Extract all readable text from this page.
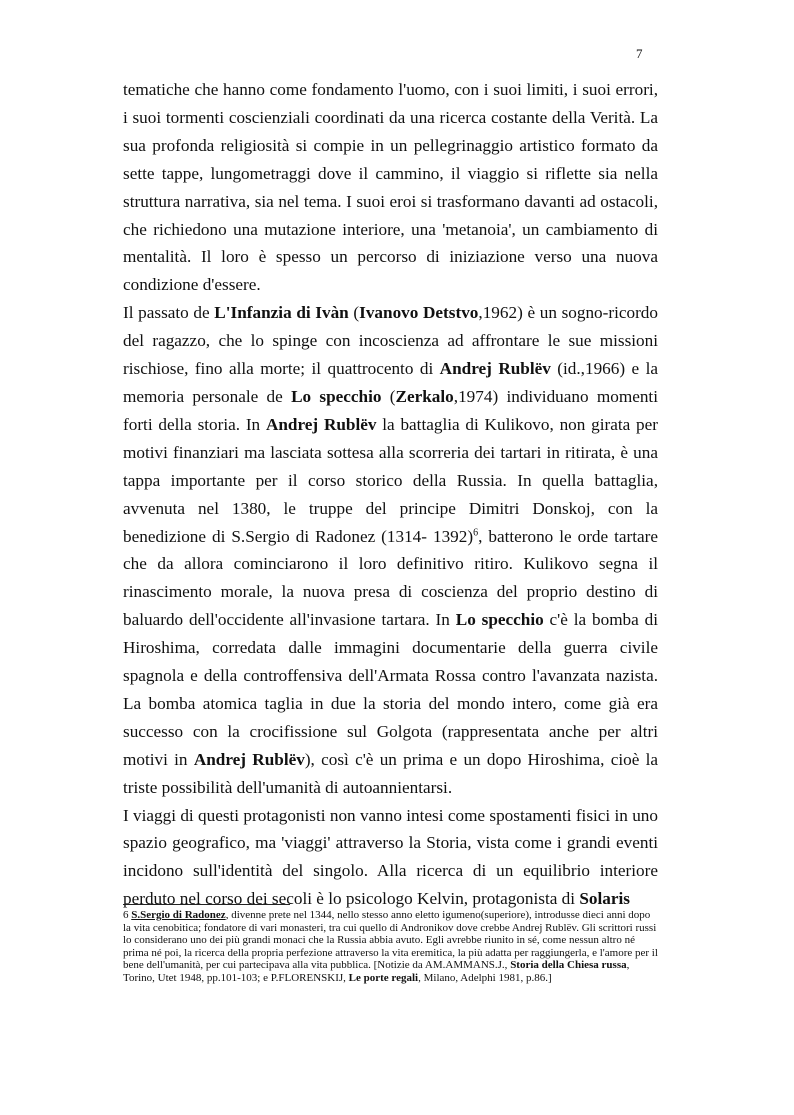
7

tematiche che hanno come fondamento l'uomo, con i suoi limiti, i suoi errori, i suoi tormenti coscienziali coordinati da una ricerca costante della Verità. La sua profonda religiosità si compie in un pellegrinaggio artistico formato da sette tappe, lungometraggi dove il cammino, il viaggio si riflette sia nella struttura narrativa, sia nel tema. I suoi eroi si trasformano davanti ad ostacoli, che richiedono una mutazione interiore, una 'metanoia', un cambiamento di mentalità. Il loro è spesso un percorso di iniziazione verso una nuova condizione d'essere.

Il passato de L'Infanzia di Ivàn (Ivanovo Detstvo,1962) è un sogno-ricordo del ragazzo, che lo spinge con incoscienza ad affrontare le sue missioni rischiose, fino alla morte; il quattrocento di Andrej Rublëv (id.,1966) e la memoria personale de Lo specchio (Zerkalo,1974) individuano momenti forti della storia. In Andrej Rublëv la battaglia di Kulikovo, non girata per motivi finanziari ma lasciata sottesa alla scorreria dei tartari in ritirata, è una tappa importante per il corso storico della Russia. In quella battaglia, avvenuta nel 1380, le truppe del principe Dimitri Donskoj, con la benedizione di S.Sergio di Radonez (1314- 1392)$^6$, batterono le orde tartare che da allora cominciarono il loro definitivo ritiro. Kulikovo segna il rinascimento morale, la nuova presa di coscienza del proprio destino di baluardo dell'occidente all'invasione tartara. In Lo specchio c'è la bomba di Hiroshima, corredata dalle immagini documentarie della guerra civile spagnola e della controffensiva dell'Armata Rossa contro l'avanzata nazista. La bomba atomica taglia in due la storia del mondo intero, come già era successo con la crocifissione sul Golgota (rappresentata anche per altri motivi in Andrej Rublëv), così c'è un prima e un dopo Hiroshima, cioè la triste possibilità dell'umanità di autoannientarsi.

I viaggi di questi protagonisti non vanno intesi come spostamenti fisici in uno spazio geografico, ma 'viaggi' attraverso la Storia, vista come i grandi eventi incidono sull'identità del singolo. Alla ricerca di un equilibrio interiore perduto nel corso dei secoli è lo psicologo Kelvin, protagonista di Solaris

6 S.Sergio di Radonez, divenne prete nel 1344, nello stesso anno eletto igumeno(superiore), introdusse dieci anni dopo la vita cenobitica; fondatore di vari monasteri, tra cui quello di Andronikov dove crebbe Andrej Rublëv. Gli scrittori russi lo considerano uno dei più grandi monaci che la Russia abbia avuto. Egli avrebbe riunito in sé, come nessun altro né prima né poi, la ricerca della propria perfezione attraverso la vita eremitica, la più adatta per raggiungerla, e l'amore per il bene dell'umanità, per cui partecipava alla vita pubblica. [Notizie da AM.AMMANS.J., Storia della Chiesa russa, Torino, Utet 1948, pp.101-103; e P.FLORENSKIJ, Le porte regali, Milano, Adelphi 1981, p.86.]
